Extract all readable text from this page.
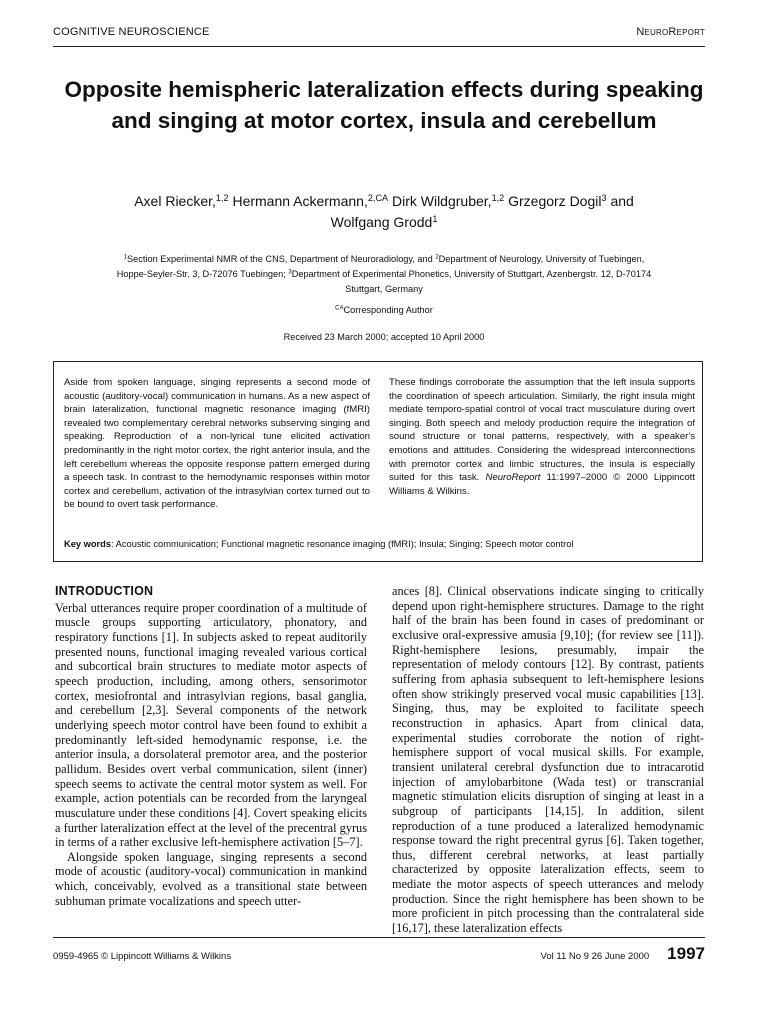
COGNITIVE NEUROSCIENCE	NeuroReport
Opposite hemispheric lateralization effects during speaking and singing at motor cortex, insula and cerebellum
Axel Riecker,$^{1,2}$ Hermann Ackermann,$^{2,CA}$ Dirk Wildgruber,$^{1,2}$ Grzegorz Dogil$^3$ and
Wolfgang Grodd$^1$
$^1$Section Experimental NMR of the CNS, Department of Neuroradiology, and $^2$Department of Neurology, University of Tuebingen, Hoppe-Seyler-Str. 3, D-72076 Tuebingen; $^3$Department of Experimental Phonetics, University of Stuttgart, Azenbergstr. 12, D-70174 Stuttgart, Germany
$^{CA}$Corresponding Author
Received 23 March 2000; accepted 10 April 2000
Aside from spoken language, singing represents a second mode of acoustic (auditory-vocal) communication in humans. As a new aspect of brain lateralization, functional magnetic resonance imaging (fMRI) revealed two complementary cerebral networks subserving singing and speaking. Reproduction of a non-lyrical tune elicited activation predominantly in the right motor cortex, the right anterior insula, and the left cerebellum whereas the opposite response pattern emerged during a speech task. In contrast to the hemodynamic responses within motor cortex and cerebellum, activation of the intrasylvian cortex turned out to be bound to overt task performance.
These findings corroborate the assumption that the left insula supports the coordination of speech articulation. Similarly, the right insula might mediate temporo-spatial control of vocal tract musculature during overt singing. Both speech and melody production require the integration of sound structure or tonal patterns, respectively, with a speaker's emotions and attitudes. Considering the widespread interconnections with premotor cortex and limbic structures, the insula is especially suited for this task. NeuroReport 11:1997–2000 © 2000 Lippincott Williams & Wilkins.
Key words: Acoustic communication; Functional magnetic resonance imaging (fMRI); Insula; Singing; Speech motor control
INTRODUCTION

Verbal utterances require proper coordination of a multitude of muscle groups supporting articulatory, phonatory, and respiratory functions [1]. In subjects asked to repeat auditorily presented nouns, functional imaging revealed various cortical and subcortical brain structures to mediate motor aspects of speech production, including, among others, sensorimotor cortex, mesiofrontal and intrasylvian regions, basal ganglia, and cerebellum [2,3]. Several components of the network underlying speech motor control have been found to exhibit a predominantly left-sided hemodynamic response, i.e. the anterior insula, a dorsolateral premotor area, and the posterior pallidum. Besides overt verbal communication, silent (inner) speech seems to activate the central motor system as well. For example, action potentials can be recorded from the laryngeal musculature under these conditions [4]. Covert speaking elicits a further lateralization effect at the level of the precentral gyrus in terms of a rather exclusive left-hemisphere activation [5–7].

Alongside spoken language, singing represents a second mode of acoustic (auditory-vocal) communication in mankind which, conceivably, evolved as a transitional state between subhuman primate vocalizations and speech utter-

ances [8]. Clinical observations indicate singing to critically depend upon right-hemisphere structures. Damage to the right half of the brain has been found in cases of predominant or exclusive oral-expressive amusia [9,10]; (for review see [11]). Right-hemisphere lesions, presumably, impair the representation of melody contours [12]. By contrast, patients suffering from aphasia subsequent to left-hemisphere lesions often show strikingly preserved vocal music capabilities [13]. Singing, thus, may be exploited to facilitate speech reconstruction in aphasics. Apart from clinical data, experimental studies corroborate the notion of right-hemisphere support of vocal musical skills. For example, transient unilateral cerebral dysfunction due to intracarotid injection of amylobarbitone (Wada test) or transcranial magnetic stimulation elicits disruption of singing at least in a subgroup of participants [14,15]. In addition, silent reproduction of a tune produced a lateralized hemodynamic response toward the right precentral gyrus [6]. Taken together, thus, different cerebral networks, at least partially characterized by opposite lateralization effects, seem to mediate the motor aspects of speech utterances and melody production. Since the right hemisphere has been shown to be more proficient in pitch processing than the contralateral side [16,17], these lateralization effects

0959-4965 © Lippincott Williams & Wilkins	Vol 11 No 9 26 June 2000 1997
